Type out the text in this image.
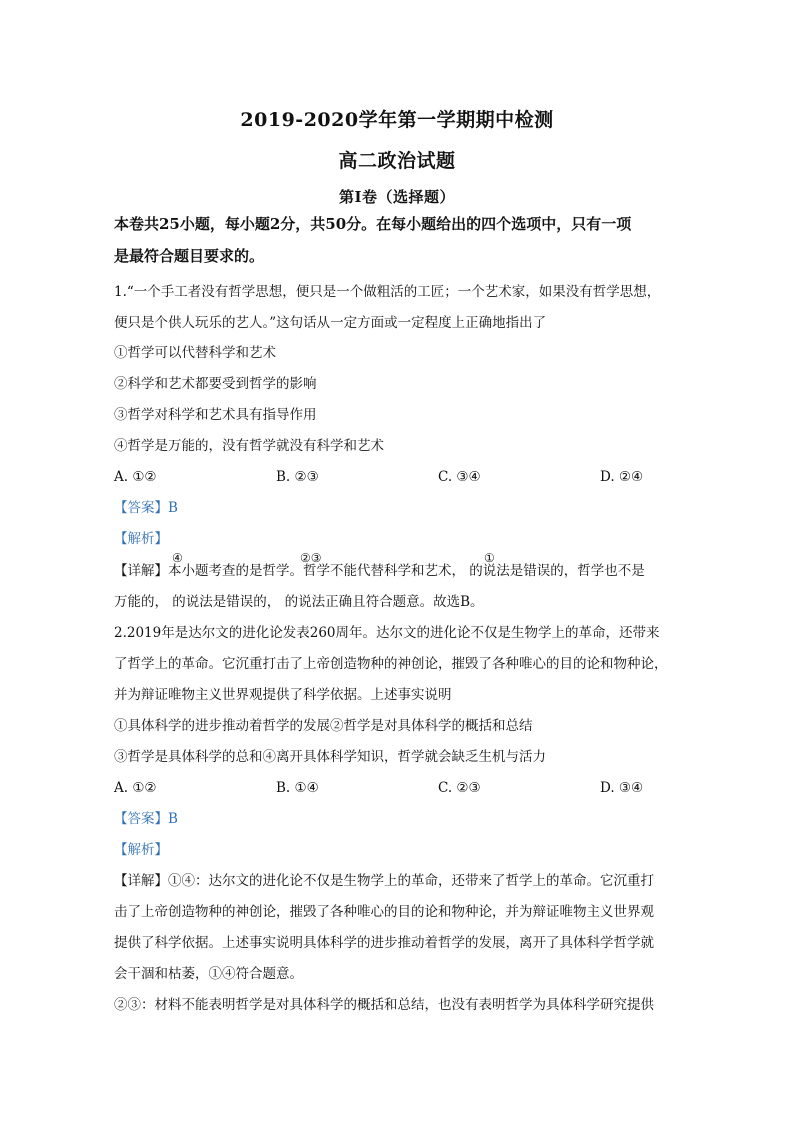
2019-2020学年第一学期期中检测
高二政治试题
第Ⅰ卷（选择题）
本卷共25小题，每小题2分，共50分。在每小题给出的四个选项中，只有一项
是最符合题目要求的。
1.“一个手工者没有哲学思想，便只是一个做粗活的工匠；一个艺术家，如果没有哲学思想，
便只是个供人玩乐的艺人。”这句话从一定方面或一定程度上正确地指出了
①哲学可以代替科学和艺术
②科学和艺术都要受到哲学的影响
③哲学对科学和艺术具有指导作用
④哲学是万能的，没有哲学就没有科学和艺术
A. ①②	B. ②③	C. ③④	D. ②④
【答案】B
【解析】
④	②③	①
【详解】本小题考查的是哲学。哲学不能代替科学和艺术， 的说法是错误的，哲学也不是
万能的， 的说法是错误的， 的说法正确且符合题意。故选B。
2.2019年是达尔文的进化论发表260周年。达尔文的进化论不仅是生物学上的革命，还带来
了哲学上的革命。它沉重打击了上帝创造物种的神创论，摧毁了各种唯心的目的论和物种论，
并为辩证唯物主义世界观提供了科学依据。上述事实说明
①具体科学的进步推动着哲学的发展②哲学是对具体科学的概括和总结
③哲学是具体科学的总和④离开具体科学知识，哲学就会缺乏生机与活力
A. ①②	B. ①④	C. ②③	D. ③④
【答案】B
【解析】
【详解】①④：达尔文的进化论不仅是生物学上的革命，还带来了哲学上的革命。它沉重打
击了上帝创造物种的神创论，摧毁了各种唯心的目的论和物种论，并为辩证唯物主义世界观
提供了科学依据。上述事实说明具体科学的进步推动着哲学的发展，离开了具体科学哲学就
会干涸和枯萎，①④符合题意。
②③：材料不能表明哲学是对具体科学的概括和总结，也没有表明哲学为具体科学研究提供
